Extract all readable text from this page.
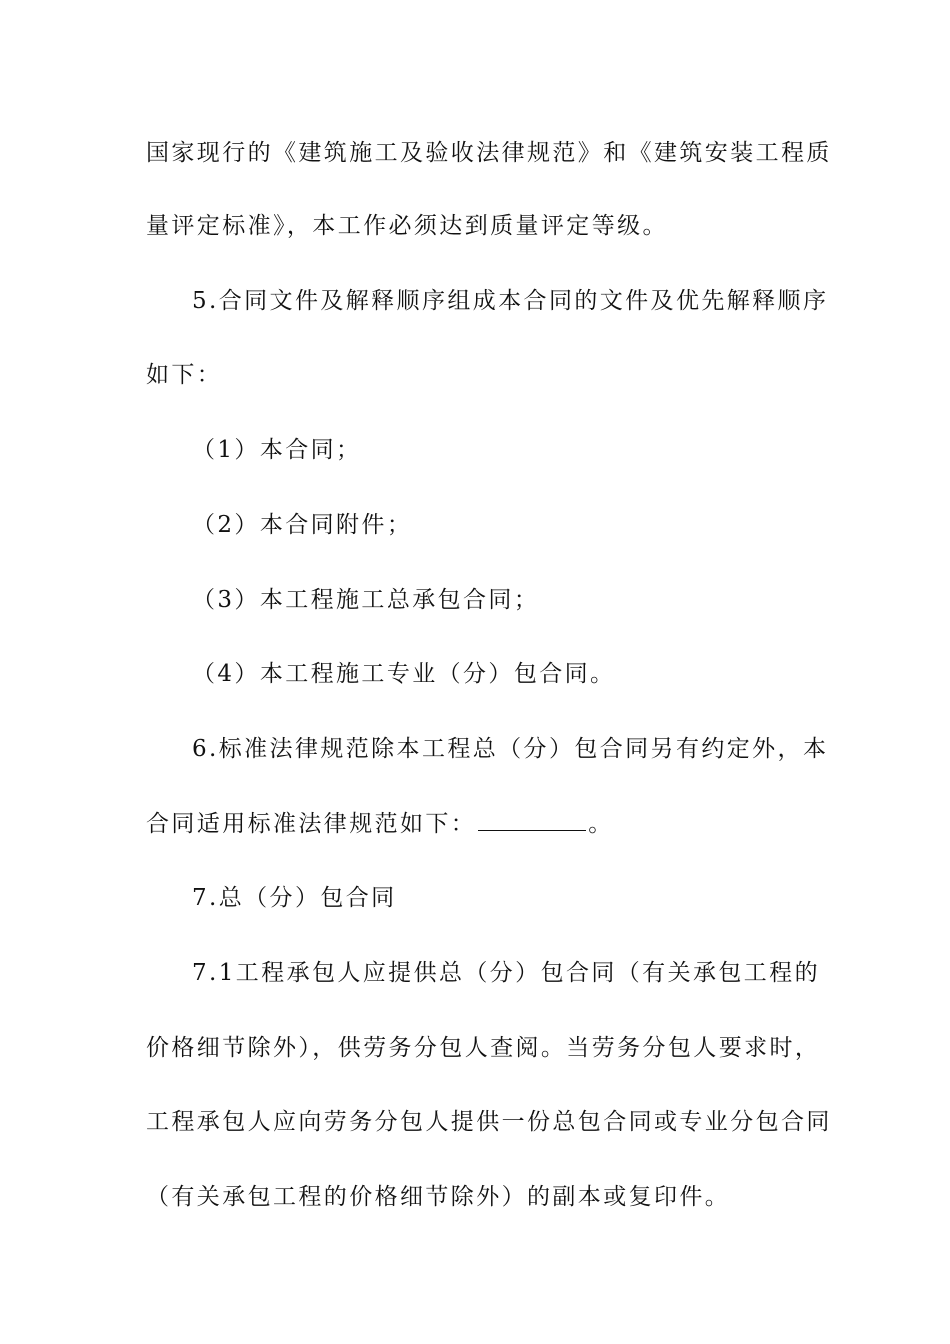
国家现行的《建筑施工及验收法律规范》和《建筑安装工程质
量评定标准》，本工作必须达到质量评定等级。
5.合同文件及解释顺序组成本合同的文件及优先解释顺序
如下：
（1）本合同；
（2）本合同附件；
（3）本工程施工总承包合同；
（4）本工程施工专业（分）包合同。
6.标准法律规范除本工程总（分）包合同另有约定外，本
合同适用标准法律规范如下：	。
7.总（分）包合同
7.1工程承包人应提供总（分）包合同（有关承包工程的
价格细节除外），供劳务分包人查阅。当劳务分包人要求时，
工程承包人应向劳务分包人提供一份总包合同或专业分包合同
（有关承包工程的价格细节除外）的副本或复印件。
